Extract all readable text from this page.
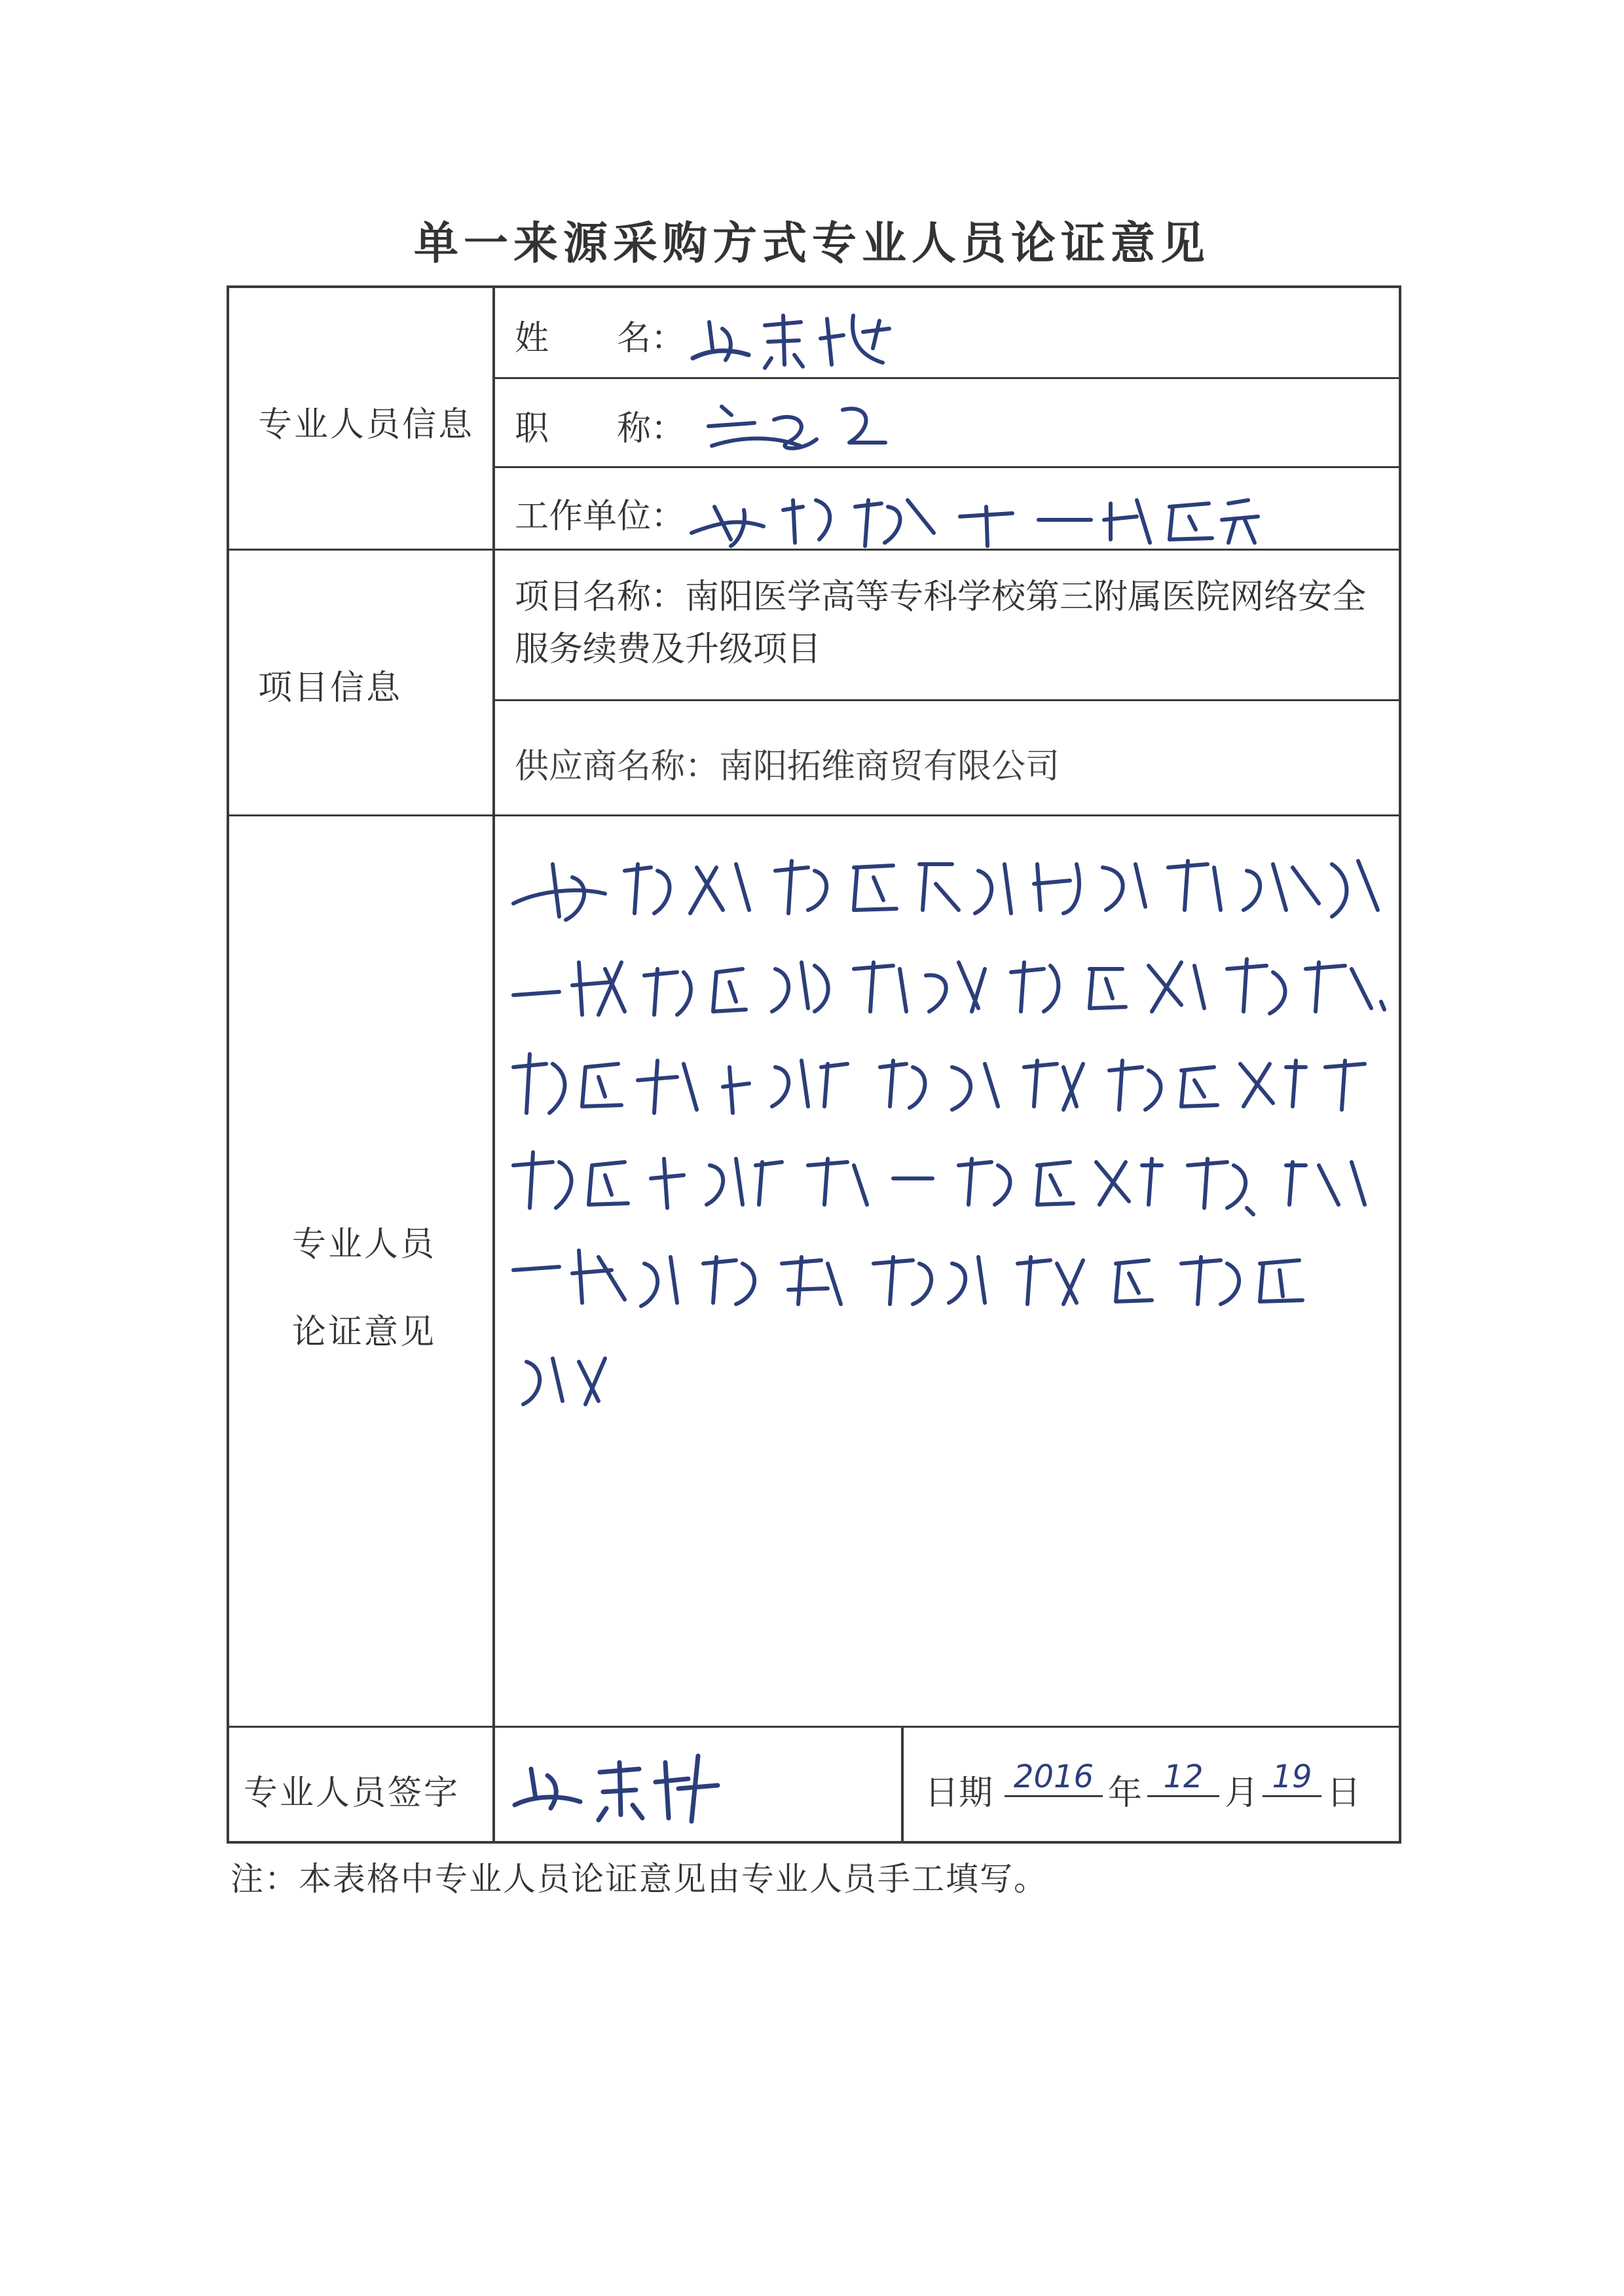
单一来源采购方式专业人员论证意见
专业人员信息
项目信息
专业人员论证意见
专业人员签字
姓　　名：
职　　称：
工作单位：
项目名称：南阳医学高等专科学校第三附属医院网络安全服务续费及升级项目
供应商名称：南阳拓维商贸有限公司
日期 2016 年 12 月 19 日
注：本表格中专业人员论证意见由专业人员手工填写。
